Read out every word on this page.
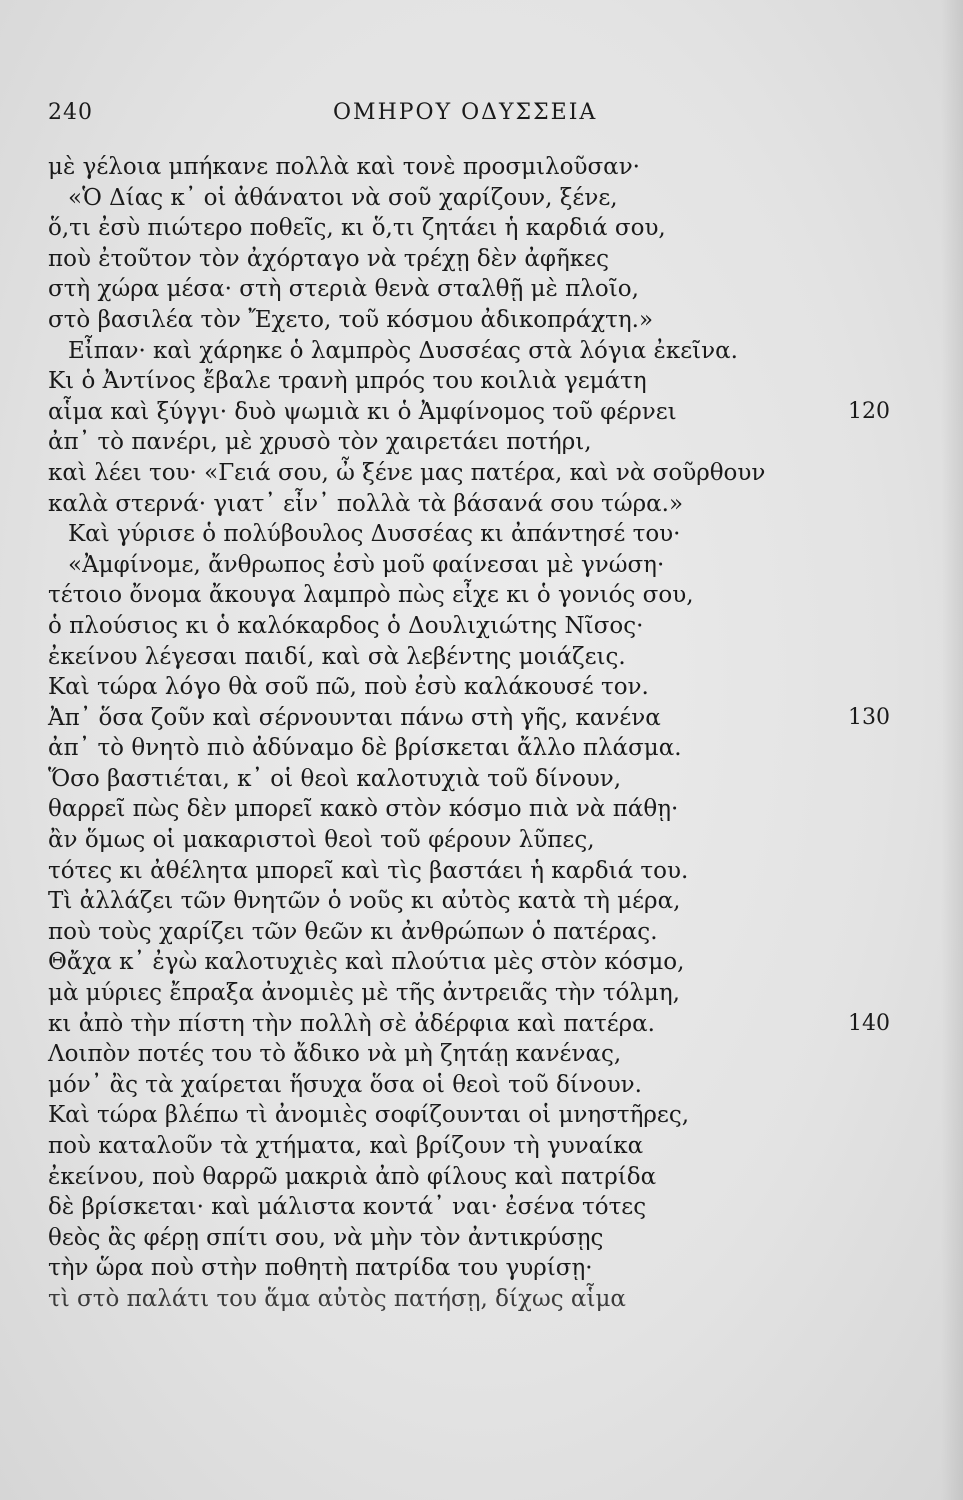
240	ΟΜΗΡΟΥ ΟΔΥΣΣΕΙΑ
μὲ γέλοια μπήκανε πολλὰ καὶ τονὲ προσμιλοῦσαν·
«Ὁ Δίας κ᾽ οἱ ἀθάνατοι νὰ σοῦ χαρίζουν, ξένε,
ὅ,τι ἐσὺ πιώτερο ποθεῖς, κι ὅ,τι ζητάει ἡ καρδιά σου,
ποὺ ἐτοῦτον τὸν ἀχόρταγο νὰ τρέχῃ δὲν ἀφῆκες
στὴ χώρα μέσα· στὴ στεριὰ θενὰ σταλθῇ μὲ πλοῖο,
στὸ βασιλέα τὸν Ἔχετο, τοῦ κόσμου ἀδικοπράχτη.»
Εἶπαν· καὶ χάρηκε ὁ λαμπρὸς Δυσσέας στὰ λόγια ἐκεῖνα.
Κι ὁ Ἀντίνος ἔβαλε τρανὴ μπρός του κοιλιὰ γεμάτη
αἷμα καὶ ξύγγι· δυὸ ψωμιὰ κι ὁ Ἀμφίνομος τοῦ φέρνει	120
ἀπ᾽ τὸ πανέρι, μὲ χρυσὸ τὸν χαιρετάει ποτήρι,
καὶ λέει του· «Γειά σου, ὦ ξένε μας πατέρα, καὶ νὰ σοῦρθουν
καλὰ στερνά· γιατ᾽ εἶν᾽ πολλὰ τὰ βάσανά σου τώρα.»
Καὶ γύρισε ὁ πολύβουλος Δυσσέας κι ἀπάντησέ του·
«Ἀμφίνομε, ἄνθρωπος ἐσὺ μοῦ φαίνεσαι μὲ γνώση·
τέτοιο ὄνομα ἄκουγα λαμπρὸ πὼς εἶχε κι ὁ γονιός σου,
ὁ πλούσιος κι ὁ καλόκαρδος ὁ Δουλιχιώτης Νῖσος·
ἐκείνου λέγεσαι παιδί, καὶ σὰ λεβέντης μοιάζεις.
Καὶ τώρα λόγο θὰ σοῦ πῶ, ποὺ ἐσὺ καλάκουσέ τον.
Ἀπ᾽ ὅσα ζοῦν καὶ σέρνουνται πάνω στὴ γῆς, κανένα	130
ἀπ᾽ τὸ θνητὸ πιὸ ἀδύναμο δὲ βρίσκεται ἄλλο πλάσμα.
Ὅσο βαστιέται, κ᾽ οἱ θεοὶ καλοτυχιὰ τοῦ δίνουν,
θαρρεῖ πὼς δὲν μπορεῖ κακὸ στὸν κόσμο πιὰ νὰ πάθῃ·
ἂν ὅμως οἱ μακαριστοὶ θεοὶ τοῦ φέρουν λῦπες,
τότες κι ἀθέλητα μπορεῖ καὶ τὶς βαστάει ἡ καρδιά του.
Τὶ ἀλλάζει τῶν θνητῶν ὁ νοῦς κι αὐτὸς κατὰ τὴ μέρα,
ποὺ τοὺς χαρίζει τῶν θεῶν κι ἀνθρώπων ὁ πατέρας.
Θἄχα κ᾽ ἐγὼ καλοτυχιὲς καὶ πλούτια μὲς στὸν κόσμο,
μὰ μύριες ἔπραξα ἀνομιὲς μὲ τῆς ἀντρειᾶς τὴν τόλμη,
κι ἀπὸ τὴν πίστη τὴν πολλὴ σὲ ἀδέρφια καὶ πατέρα.	140
Λοιπὸν ποτές του τὸ ἄδικο νὰ μὴ ζητάῃ κανένας,
μόν᾽ ἂς τὰ χαίρεται ἥσυχα ὅσα οἱ θεοὶ τοῦ δίνουν.
Καὶ τώρα βλέπω τὶ ἀνομιὲς σοφίζουνται οἱ μνηστῆρες,
ποὺ καταλοῦν τὰ χτήματα, καὶ βρίζουν τὴ γυναίκα
ἐκείνου, ποὺ θαρρῶ μακριὰ ἀπὸ φίλους καὶ πατρίδα
δὲ βρίσκεται· καὶ μάλιστα κοντά᾽ ναι· ἐσένα τότες
θεὸς ἂς φέρῃ σπίτι σου, νὰ μὴν τὸν ἀντικρύσῃς
τὴν ὥρα ποὺ στὴν ποθητὴ πατρίδα του γυρίσῃ·
τὶ στὸ παλάτι του ἅμα αὐτὸς πατήσῃ, δίχως αἷμα
